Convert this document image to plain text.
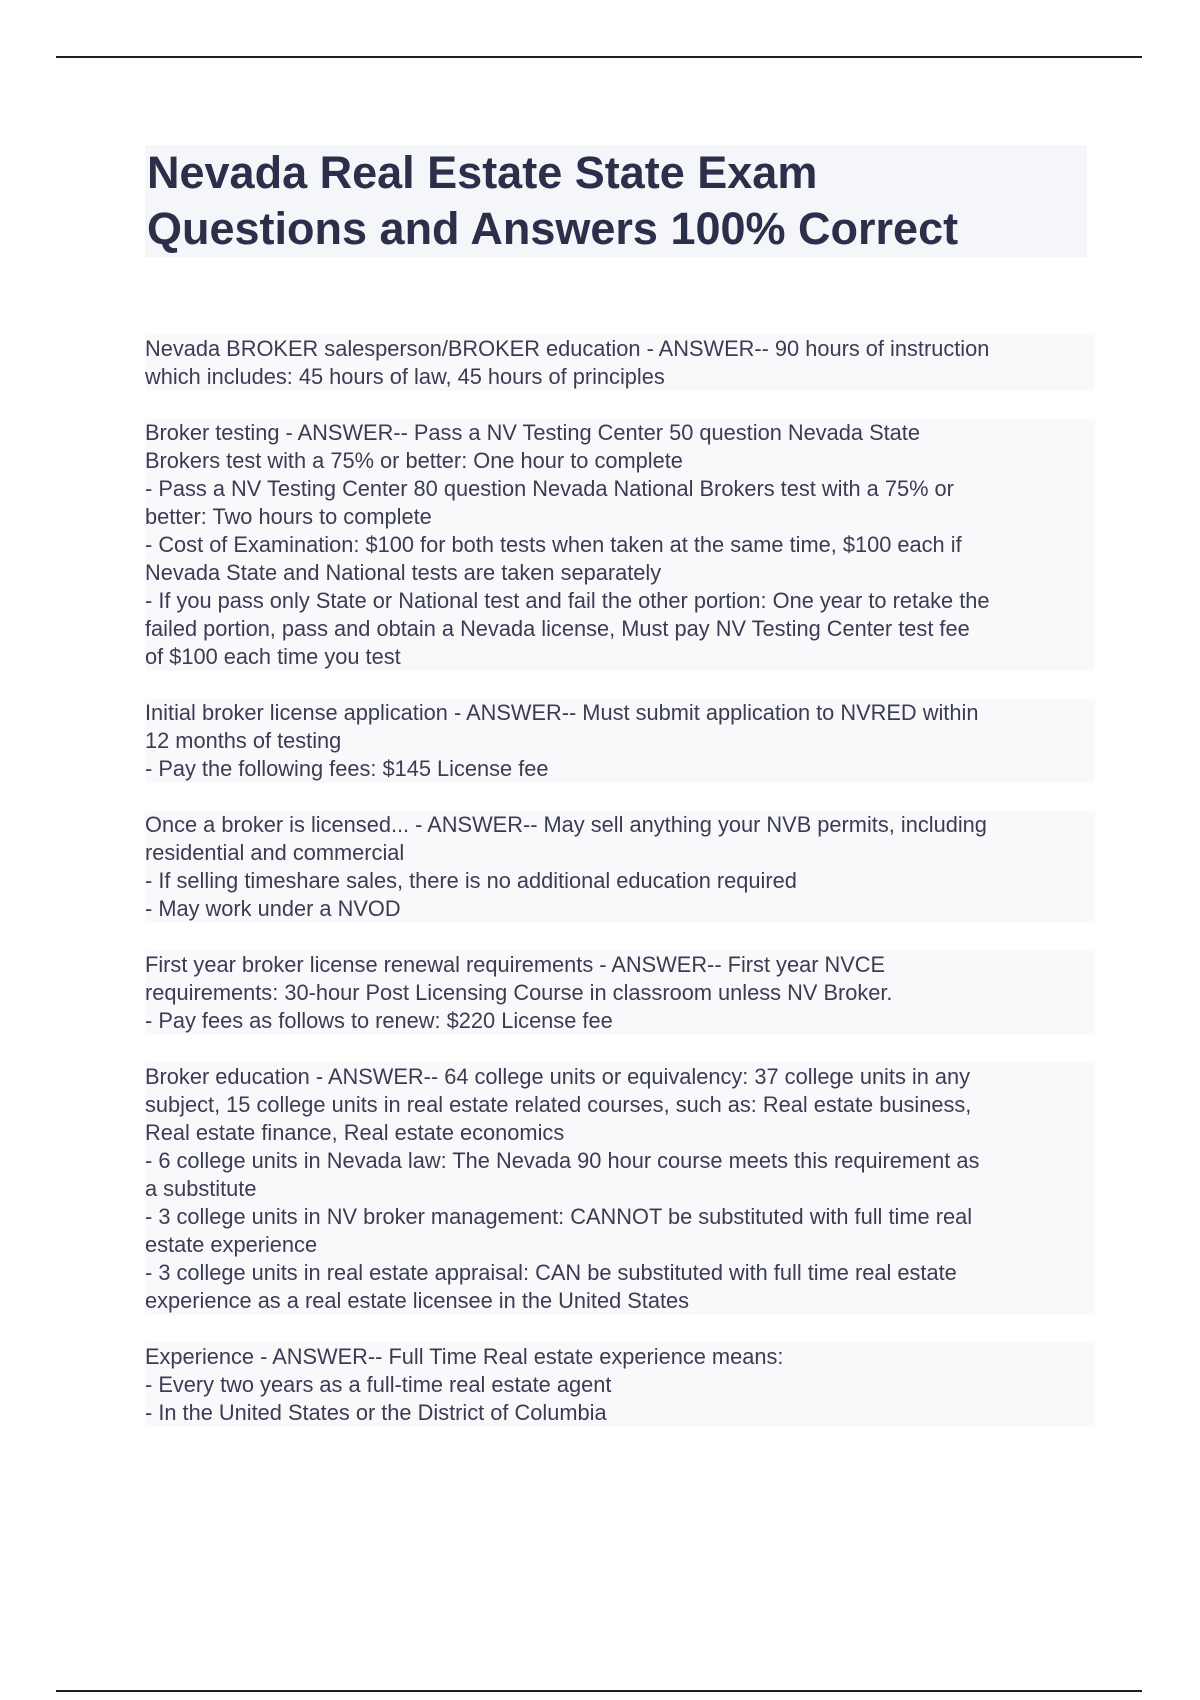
Nevada Real Estate State Exam
Questions and Answers 100% Correct
Nevada BROKER salesperson/BROKER education - ANSWER-- 90 hours of instruction
which includes: 45 hours of law, 45 hours of principles
Broker testing - ANSWER-- Pass a NV Testing Center 50 question Nevada State
Brokers test with a 75% or better: One hour to complete
- Pass a NV Testing Center 80 question Nevada National Brokers test with a 75% or
better: Two hours to complete
- Cost of Examination: $100 for both tests when taken at the same time, $100 each if
Nevada State and National tests are taken separately
- If you pass only State or National test and fail the other portion: One year to retake the
failed portion, pass and obtain a Nevada license, Must pay NV Testing Center test fee
of $100 each time you test
Initial broker license application - ANSWER-- Must submit application to NVRED within
12 months of testing
- Pay the following fees: $145 License fee
Once a broker is licensed... - ANSWER-- May sell anything your NVB permits, including
residential and commercial
- If selling timeshare sales, there is no additional education required
- May work under a NVOD
First year broker license renewal requirements - ANSWER-- First year NVCE
requirements: 30-hour Post Licensing Course in classroom unless NV Broker.
- Pay fees as follows to renew: $220 License fee
Broker education - ANSWER-- 64 college units or equivalency: 37 college units in any
subject, 15 college units in real estate related courses, such as: Real estate business,
Real estate finance, Real estate economics
- 6 college units in Nevada law: The Nevada 90 hour course meets this requirement as
a substitute
- 3 college units in NV broker management: CANNOT be substituted with full time real
estate experience
- 3 college units in real estate appraisal: CAN be substituted with full time real estate
experience as a real estate licensee in the United States
Experience - ANSWER-- Full Time Real estate experience means:
- Every two years as a full-time real estate agent
- In the United States or the District of Columbia
